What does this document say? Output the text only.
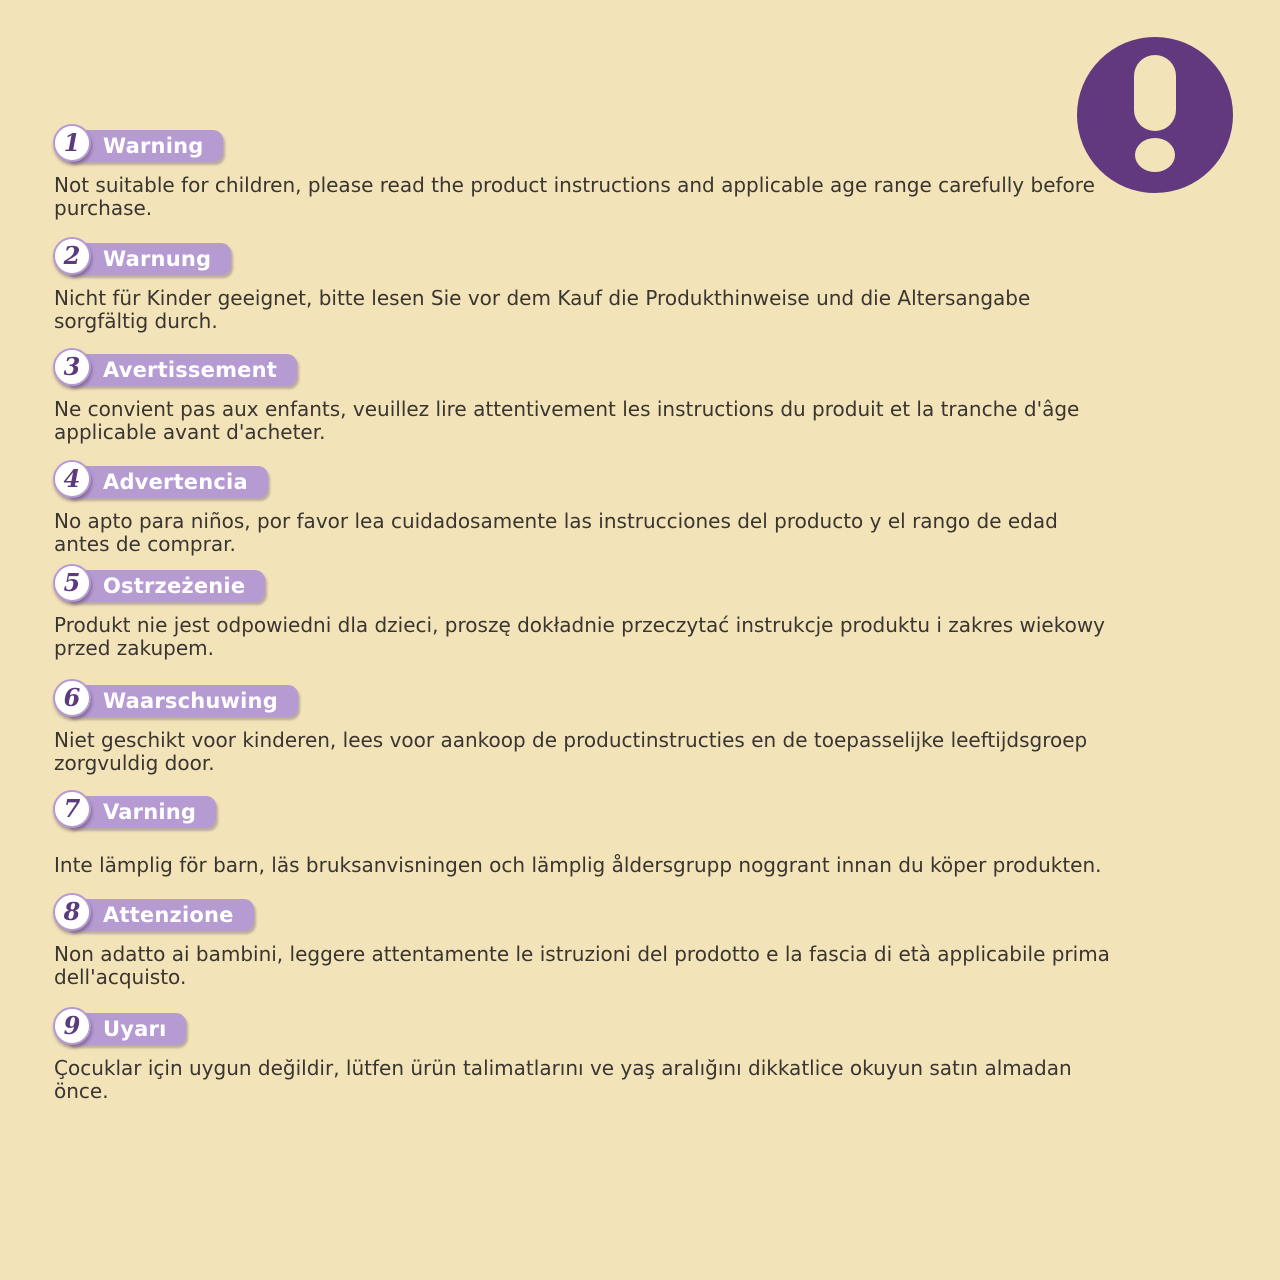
Warning
1
Not suitable for children, please read the product instructions and applicable age range carefully before purchase.
Warnung
2
Nicht für Kinder geeignet, bitte lesen Sie vor dem Kauf die Produkthinweise und die Altersangabe sorgfältig durch.
Avertissement
3
Ne convient pas aux enfants, veuillez lire attentivement les instructions du produit et la tranche d'âge applicable avant d'acheter.
Advertencia
4
No apto para niños, por favor lea cuidadosamente las instrucciones del producto y el rango de edad antes de comprar.
Ostrzeżenie
5
Produkt nie jest odpowiedni dla dzieci, proszę dokładnie przeczytać instrukcje produktu i zakres wiekowy przed zakupem.
Waarschuwing
6
Niet geschikt voor kinderen, lees voor aankoop de productinstructies en de toepasselijke leeftijdsgroep zorgvuldig door.
Varning
7
Inte lämplig för barn, läs bruksanvisningen och lämplig åldersgrupp noggrant innan du köper produkten.
Attenzione
8
Non adatto ai bambini, leggere attentamente le istruzioni del prodotto e la fascia di età applicabile prima dell'acquisto.
Uyarı
9
Çocuklar için uygun değildir, lütfen ürün talimatlarını ve yaş aralığını dikkatlice okuyun satın almadan önce.
